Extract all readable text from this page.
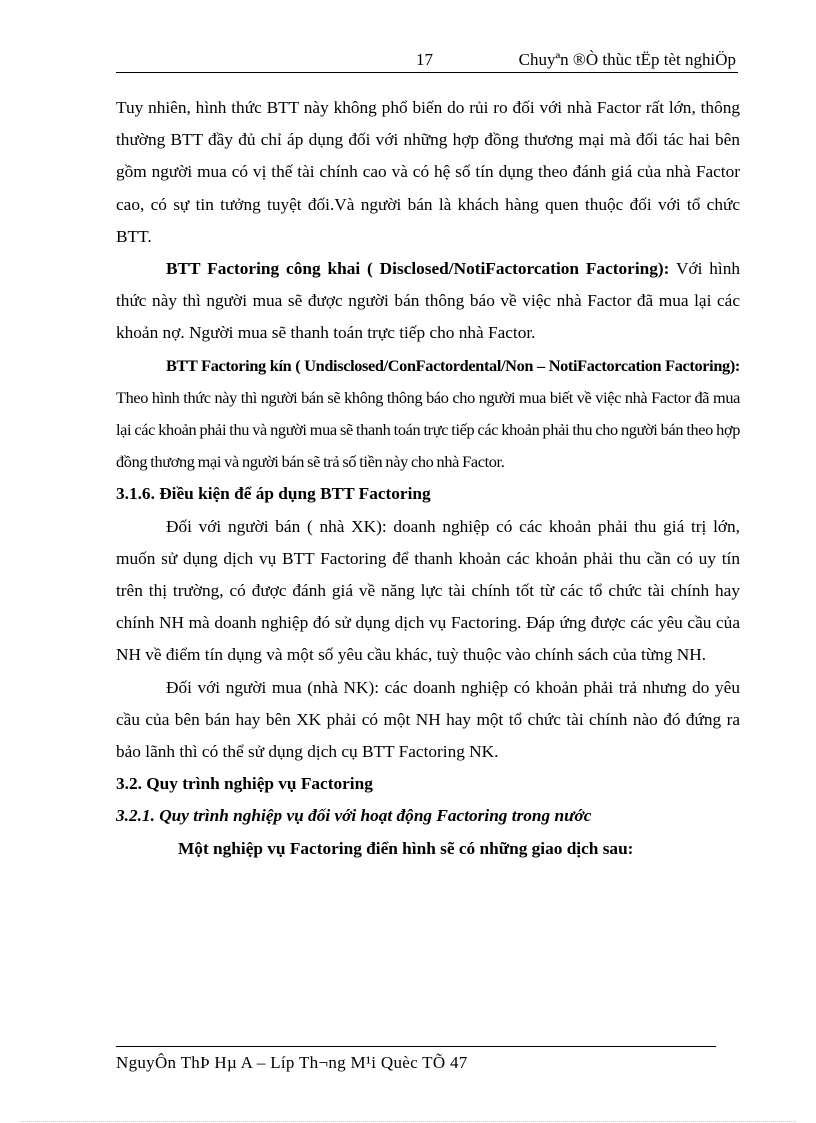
17	Chuyªn ®Ò thùc tËp tèt nghiÖp

Tuy nhiên, hình thức BTT này không phổ biến do rủi ro đối với nhà Factor rất lớn, thông thường BTT đầy đủ chỉ áp dụng đối với những hợp đồng thương mại mà đối tác hai bên gồm người mua có vị thế tài chính cao và có hệ số tín dụng theo đánh giá của nhà Factor cao, có sự tin tưởng tuyệt đối.Và người bán là khách hàng quen thuộc đối với tổ chức BTT.

BTT Factoring công khai ( Disclosed/NotiFactorcation Factoring): Với hình thức này thì người mua sẽ được người bán thông báo về việc nhà Factor đã mua lại các khoản nợ. Người mua sẽ thanh toán trực tiếp cho nhà Factor.

BTT Factoring kín ( Undisclosed/ConFactordental/Non – NotiFactorcation Factoring): Theo hình thức này thì người bán sẽ không thông báo cho người mua biết về việc nhà Factor đã mua lại các khoản phải thu và người mua sẽ thanh toán trực tiếp các khoản phải thu cho người bán theo hợp đồng thương mại và người bán sẽ trả số tiền này cho nhà Factor.

3.1.6. Điều kiện để áp dụng BTT Factoring

Đối với người bán ( nhà XK): doanh nghiệp có các khoản phải thu giá trị lớn, muốn sử dụng dịch vụ BTT Factoring để thanh khoản các khoản phải thu cần có uy tín trên thị trường, có được đánh giá về năng lực tài chính tốt từ các tổ chức tài chính hay chính NH mà doanh nghiệp đó sử dụng dịch vụ Factoring. Đáp ứng được các yêu cầu của NH về điểm tín dụng và một số yêu cầu khác, tuỳ thuộc vào chính sách của từng NH.

Đối với người mua (nhà NK): các doanh nghiệp có khoản phải trả nhưng do yêu cầu của bên bán hay bên XK phải có một NH hay một tổ chức tài chính nào đó đứng ra bảo lãnh thì có thể sử dụng dịch cụ BTT Factoring NK.

3.2. Quy trình nghiệp vụ Factoring

3.2.1. Quy trình nghiệp vụ đối với hoạt động Factoring trong nước

Một nghiệp vụ Factoring điển hình sẽ có những giao dịch sau:

NguyÔn ThÞ Hµ A – Líp Th¬ng M¹i Quèc TÕ 47
